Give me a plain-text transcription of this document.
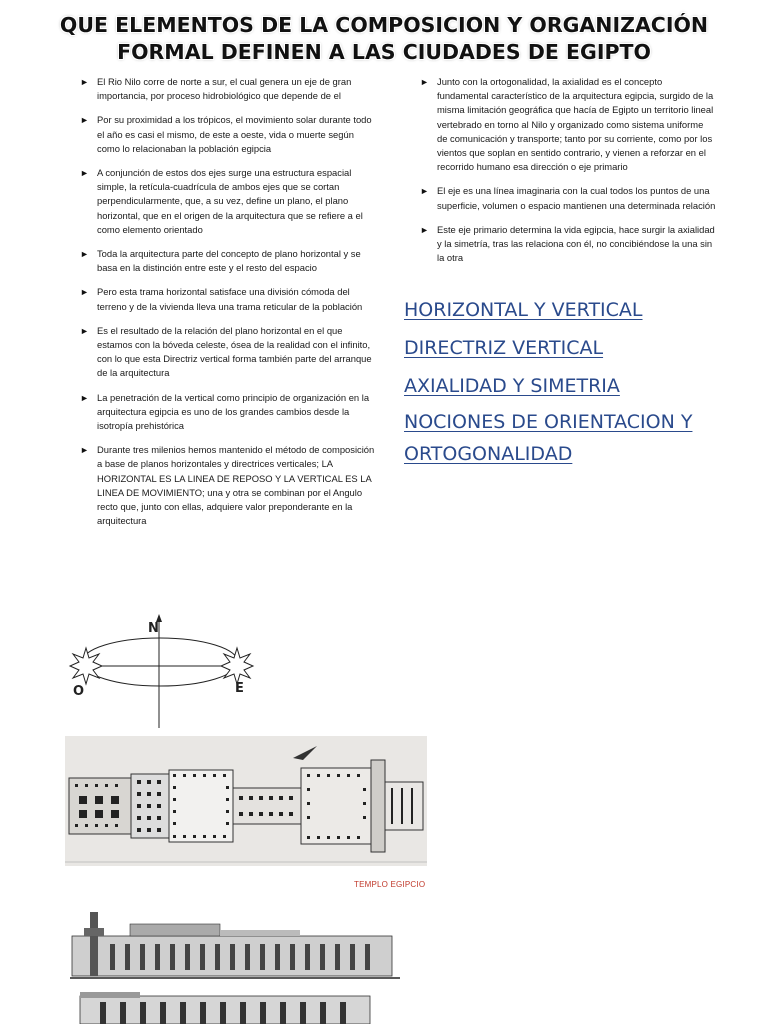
QUE ELEMENTOS DE LA COMPOSICION Y ORGANIZACIÓN
FORMAL DEFINEN A LAS CIUDADES DE EGIPTO
► El Rio Nilo corre de norte a sur, el cual genera un eje de gran importancia, por proceso hidrobiológico que depende de el
► Por su proximidad a los trópicos, el movimiento solar durante todo el año es casi el mismo, de este a oeste, vida o muerte según como lo relacionaban la población egipcia
► A conjunción de estos dos ejes surge una estructura espacial simple, la retícula-cuadrícula de ambos ejes que se cortan perpendicularmente, que, a su vez, define un plano, el plano horizontal, que en el origen de la arquitectura que se refiere a el como elemento orientado
► Toda la arquitectura parte del concepto de plano horizontal y se basa en la distinción entre este y el resto del espacio
► Pero esta trama horizontal satisface una división cómoda del terreno y de la vivienda lleva una trama reticular de la población
► Es el resultado de la relación del plano horizontal en el que estamos con la bóveda celeste, ósea de la realidad con el infinito, con lo que esta Directriz vertical forma también parte del arranque de la arquitectura
► La penetración de la vertical como principio de organización en la arquitectura egipcia es uno de los grandes cambios desde la isotropía prehistórica
► Durante tres milenios hemos mantenido el método de composición a base de planos horizontales y directrices verticales; LA HORIZONTAL ES LA LINEA DE REPOSO Y LA VERTICAL ES LA LINEA DE MOVIMIENTO; una y otra se combinan por el Angulo recto que, junto con ellas, adquiere valor preponderante en la arquitectura
► Junto con la ortogonalidad, la axialidad es el concepto fundamental característico de la arquitectura egipcia, surgido de la misma limitación geográfica que hacía de Egipto un territorio lineal vertebrado en torno al Nilo y organizado como sistema uniforme de comunicación y transporte; tanto por su corriente, como por los vientos que soplan en sentido contrario, y vienen a reforzar en el recorrido humano esa dirección o eje primario
► El eje es una línea imaginaria con la cual todos los puntos de una superficie, volumen o espacio mantienen una determinada relación
► Este eje primario determina la vida egipcia, hace surgir la axialidad y la simetría, tras las relaciona con él, no concibiéndose la una sin la otra
HORIZONTAL Y VERTICAL
DIRECTRIZ VERTICAL
AXIALIDAD Y SIMETRIA
NOCIONES DE ORIENTACION Y
ORTOGONALIDAD
N
O	E
TEMPLO EGIPCIO
